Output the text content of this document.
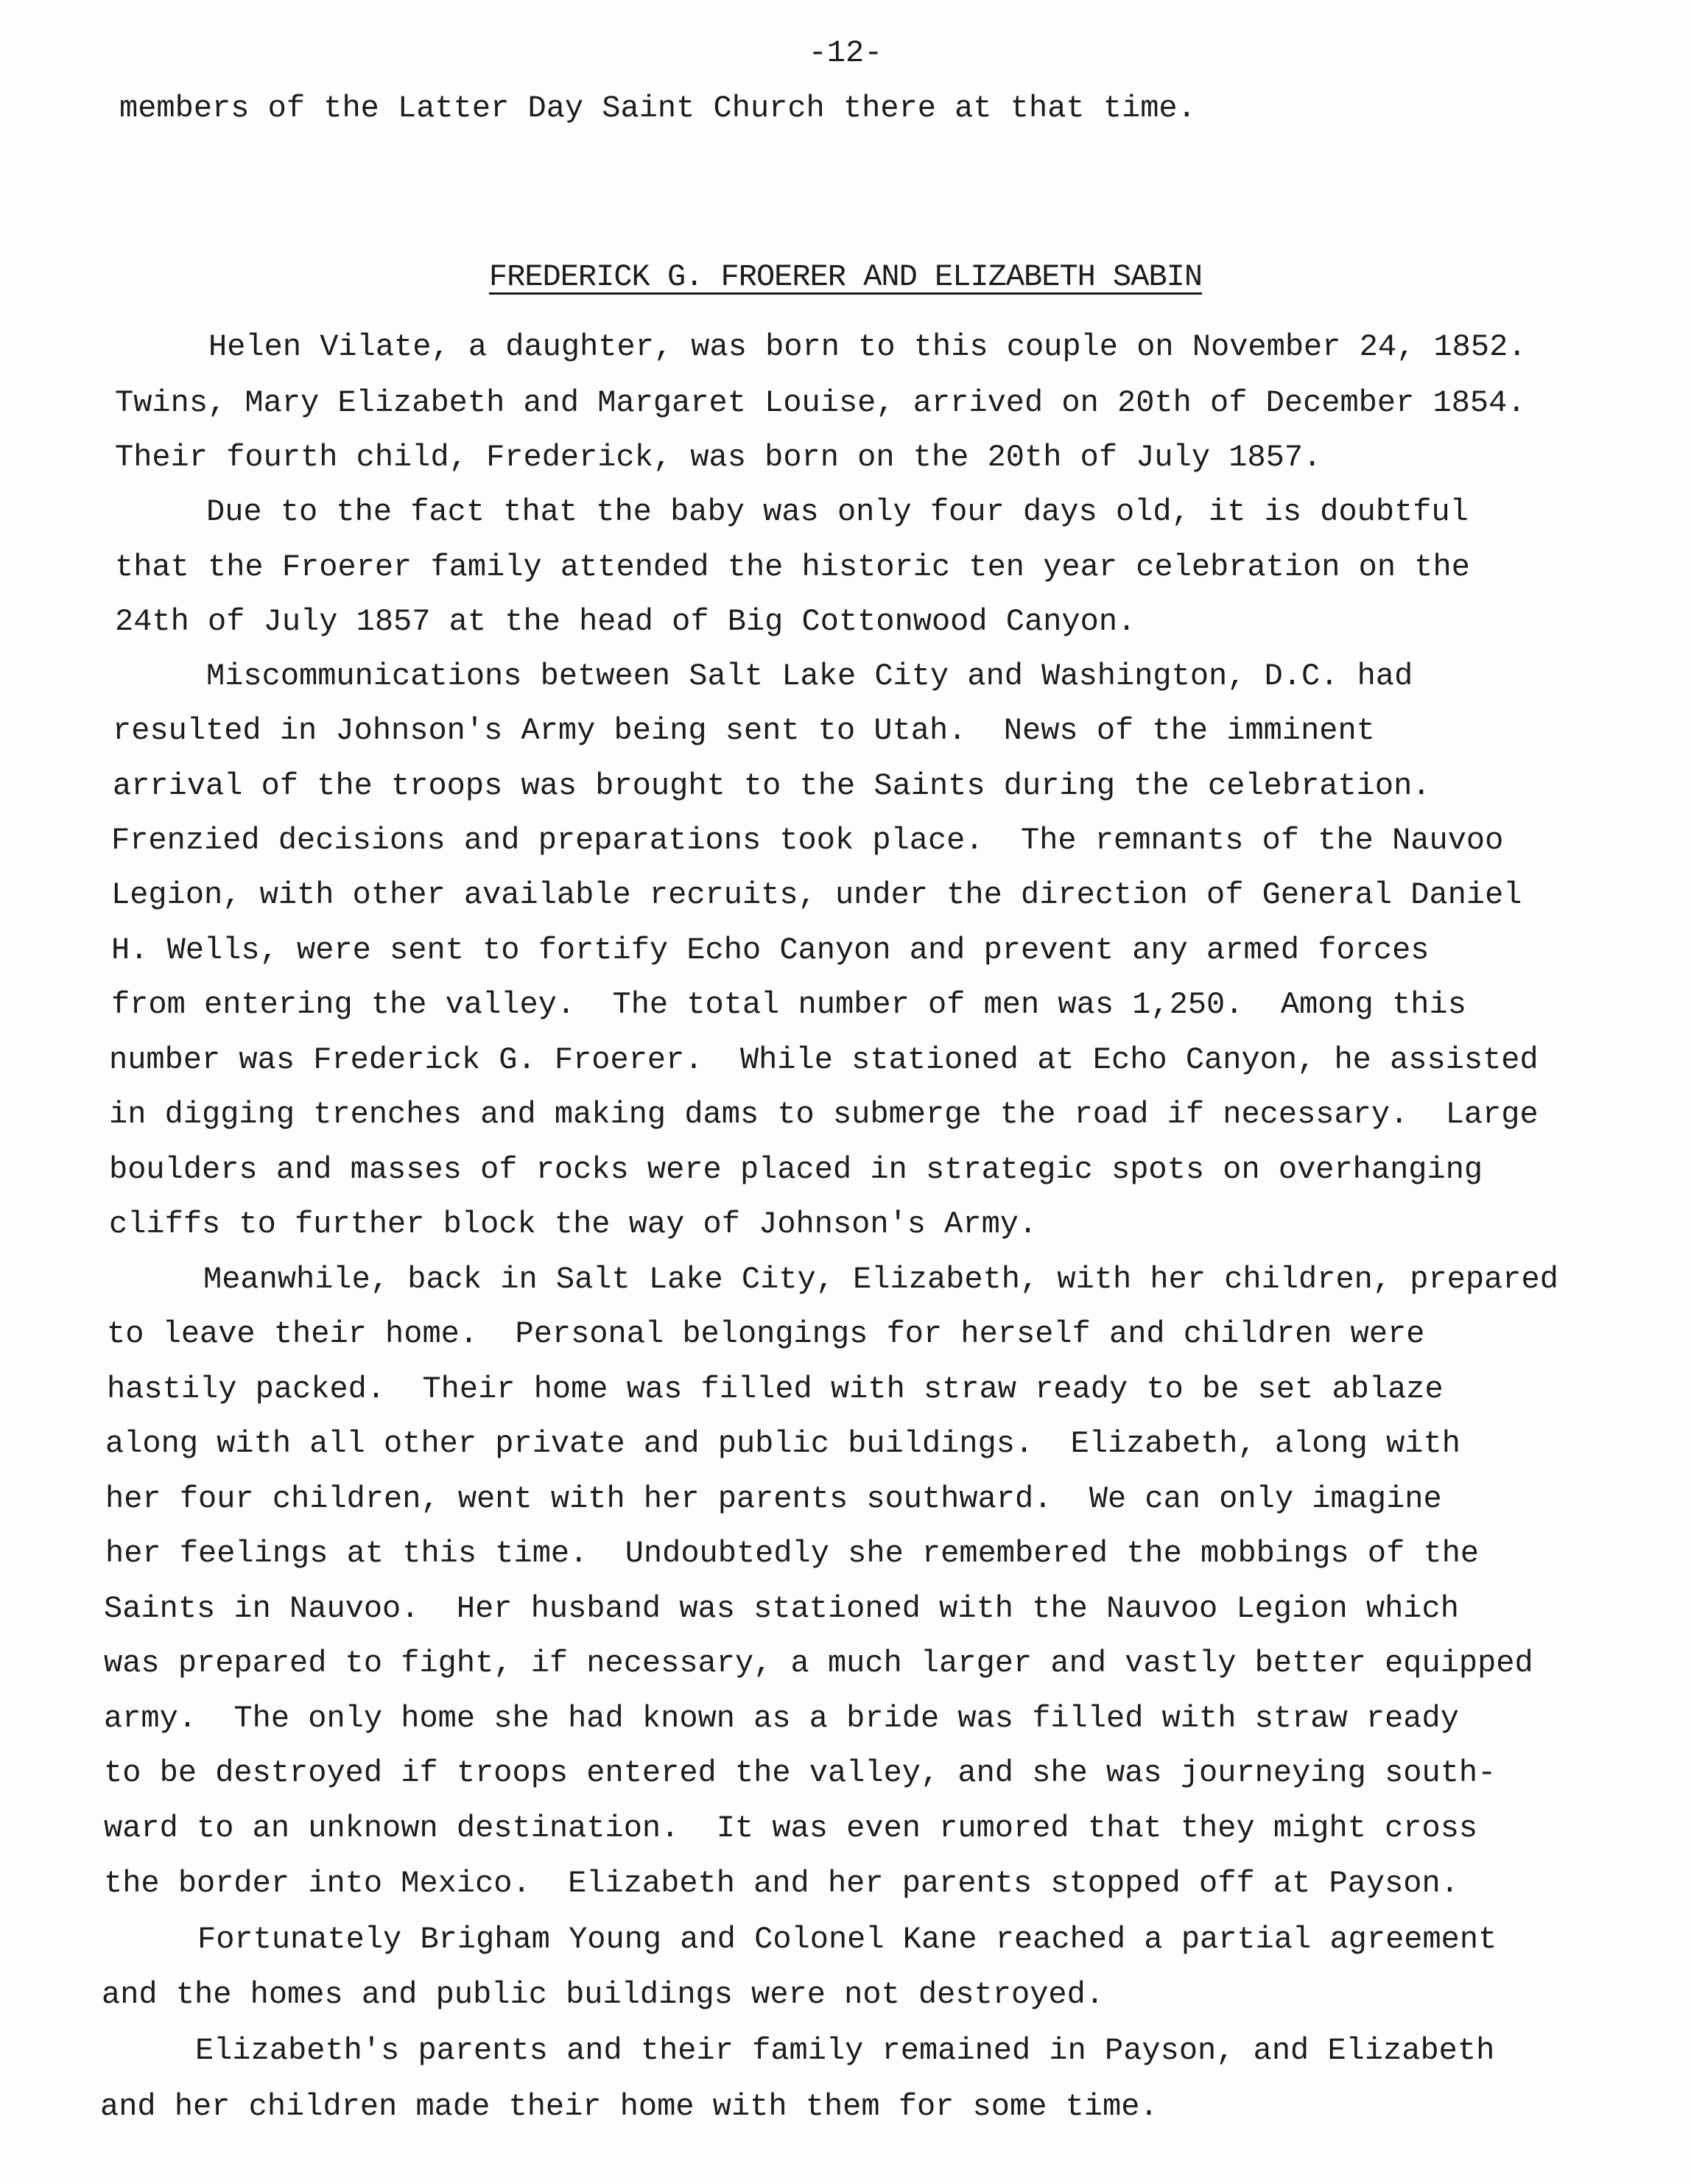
-12-
members of the Latter Day Saint Church there at that time.
FREDERICK G. FROERER AND ELIZABETH SABIN
Helen Vilate, a daughter, was born to this couple on November 24, 1852.
Twins, Mary Elizabeth and Margaret Louise, arrived on 20th of December 1854.
Their fourth child, Frederick, was born on the 20th of July 1857.
Due to the fact that the baby was only four days old, it is doubtful
that the Froerer family attended the historic ten year celebration on the
24th of July 1857 at the head of Big Cottonwood Canyon.
Miscommunications between Salt Lake City and Washington, D.C. had
resulted in Johnson's Army being sent to Utah.  News of the imminent
arrival of the troops was brought to the Saints during the celebration.
Frenzied decisions and preparations took place.  The remnants of the Nauvoo
Legion, with other available recruits, under the direction of General Daniel
H. Wells, were sent to fortify Echo Canyon and prevent any armed forces
from entering the valley.  The total number of men was 1,250.  Among this
number was Frederick G. Froerer.  While stationed at Echo Canyon, he assisted
in digging trenches and making dams to submerge the road if necessary.  Large
boulders and masses of rocks were placed in strategic spots on overhanging
cliffs to further block the way of Johnson's Army.
Meanwhile, back in Salt Lake City, Elizabeth, with her children, prepared
to leave their home.  Personal belongings for herself and children were
hastily packed.  Their home was filled with straw ready to be set ablaze
along with all other private and public buildings.  Elizabeth, along with
her four children, went with her parents southward.  We can only imagine
her feelings at this time.  Undoubtedly she remembered the mobbings of the
Saints in Nauvoo.  Her husband was stationed with the Nauvoo Legion which
was prepared to fight, if necessary, a much larger and vastly better equipped
army.  The only home she had known as a bride was filled with straw ready
to be destroyed if troops entered the valley, and she was journeying south-
ward to an unknown destination.  It was even rumored that they might cross
the border into Mexico.  Elizabeth and her parents stopped off at Payson.
Fortunately Brigham Young and Colonel Kane reached a partial agreement
and the homes and public buildings were not destroyed.
Elizabeth's parents and their family remained in Payson, and Elizabeth
and her children made their home with them for some time.
